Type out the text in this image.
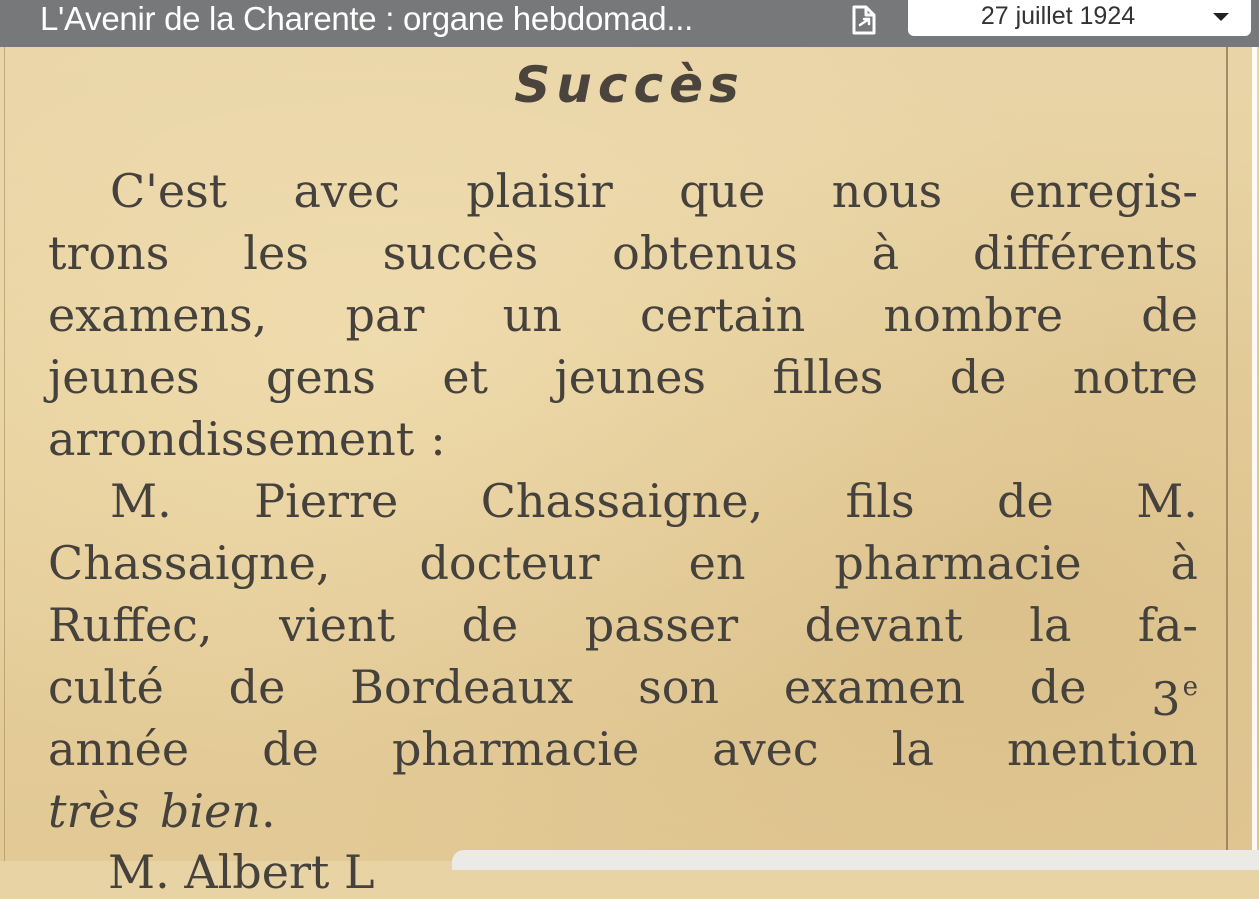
L'Avenir de la Charente : organe hebdomad...	27 juillet 1924
Succès
C'est avec plaisir que nous enregis-
trons les succès obtenus à différents
examens, par un certain nombre de
jeunes gens et jeunes filles de notre
arrondissement :
M. Pierre Chassaigne, fils de M.
Chassaigne, docteur en pharmacie à
Ruffec, vient de passer devant la fa-
culté de Bordeaux son examen de 3e
année de pharmacie avec la mention
très bien .
M. Albert L
